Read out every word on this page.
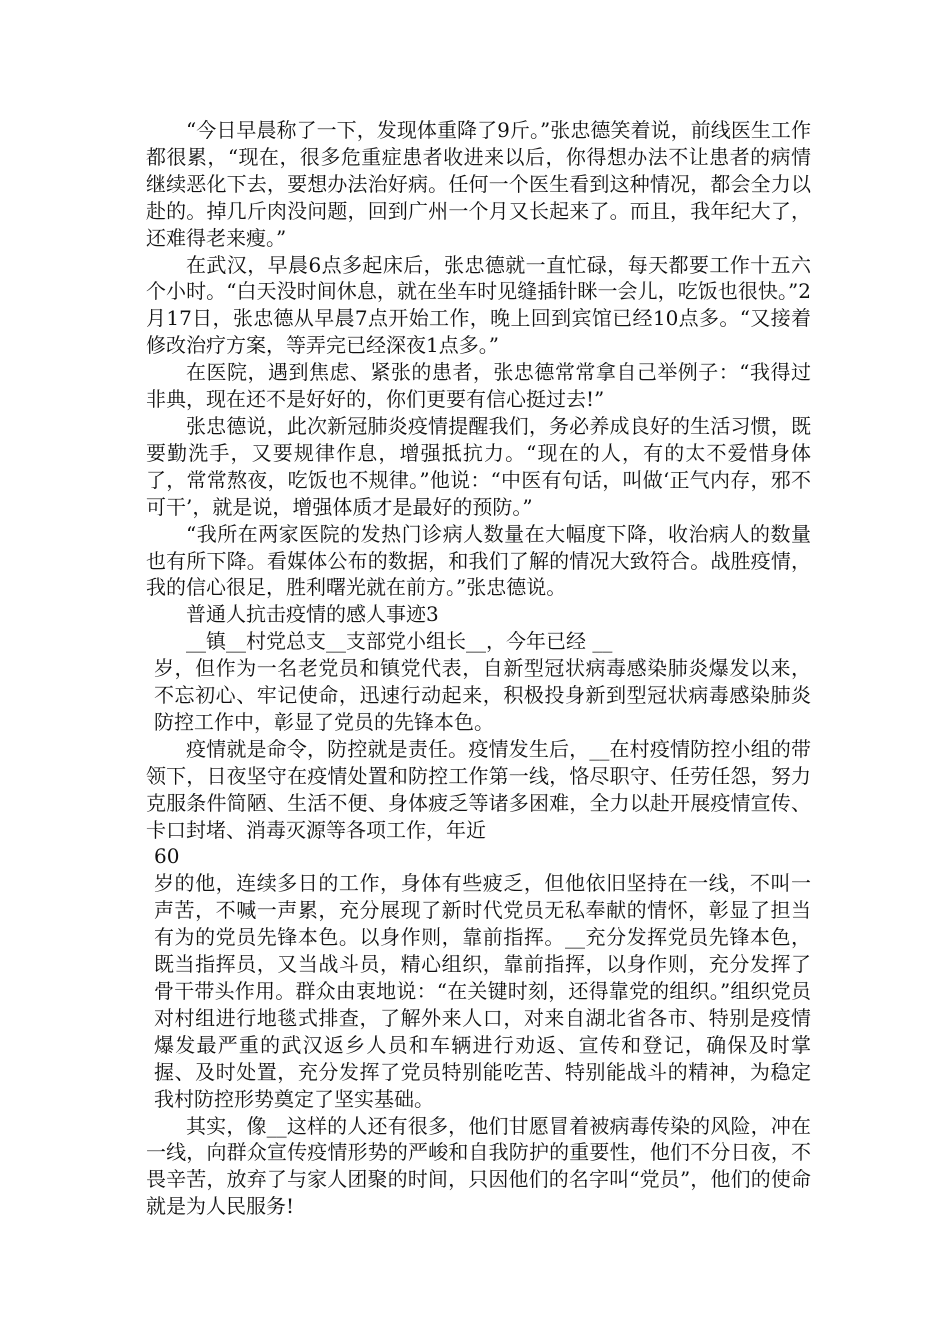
“今日早晨称了一下，发现体重降了9斤。”张忠德笑着说，前线医生工作都很累，“现在，很多危重症患者收进来以后，你得想办法不让患者的病情继续恶化下去，要想办法治好病。任何一个医生看到这种情况，都会全力以赴的。掉几斤肉没问题，回到广州一个月又长起来了。而且，我年纪大了，还难得老来瘦。”

在武汉，早晨6点多起床后，张忠德就一直忙碌，每天都要工作十五六个小时。“白天没时间休息，就在坐车时见缝插针眯一会儿，吃饭也很快。”2月17日，张忠德从早晨7点开始工作，晚上回到宾馆已经10点多。“又接着修改治疗方案，等弄完已经深夜1点多。”

在医院，遇到焦虑、紧张的患者，张忠德常常拿自己举例子：“我得过非典，现在还不是好好的，你们更要有信心挺过去!”

张忠德说，此次新冠肺炎疫情提醒我们，务必养成良好的生活习惯，既要勤洗手，又要规律作息，增强抵抗力。“现在的人，有的太不爱惜身体了，常常熬夜，吃饭也不规律。”他说：“中医有句话，叫做‘正气内存，邪不可干’，就是说，增强体质才是最好的预防。”

“我所在两家医院的发热门诊病人数量在大幅度下降，收治病人的数量也有所下降。看媒体公布的数据，和我们了解的情况大致符合。战胜疫情，我的信心很足，胜利曙光就在前方。”张忠德说。

普通人抗击疫情的感人事迹3

__镇__村党总支__支部党小组长__，今年已经 __

岁，但作为一名老党员和镇党代表，自新型冠状病毒感染肺炎爆发以来，不忘初心、牢记使命，迅速行动起来，积极投身新到型冠状病毒感染肺炎防控工作中，彰显了党员的先锋本色。

疫情就是命令，防控就是责任。疫情发生后，__在村疫情防控小组的带领下，日夜坚守在疫情处置和防控工作第一线，恪尽职守、任劳任怨，努力克服条件简陋、生活不便、身体疲乏等诸多困难，全力以赴开展疫情宣传、卡口封堵、消毒灭源等各项工作，年近

60

岁的他，连续多日的工作，身体有些疲乏，但他依旧坚持在一线，不叫一声苦，不喊一声累，充分展现了新时代党员无私奉献的情怀，彰显了担当有为的党员先锋本色。以身作则，靠前指挥。__充分发挥党员先锋本色，既当指挥员，又当战斗员，精心组织，靠前指挥，以身作则，充分发挥了骨干带头作用。群众由衷地说：“在关键时刻，还得靠党的组织。”组织党员对村组进行地毯式排查，了解外来人口，对来自湖北省各市、特别是疫情爆发最严重的武汉返乡人员和车辆进行劝返、宣传和登记，确保及时掌握、及时处置，充分发挥了党员特别能吃苦、特别能战斗的精神，为稳定我村防控形势奠定了坚实基础。

其实，像__这样的人还有很多，他们甘愿冒着被病毒传染的风险，冲在一线，向群众宣传疫情形势的严峻和自我防护的重要性，他们不分日夜，不畏辛苦，放弃了与家人团聚的时间，只因他们的名字叫“党员”，他们的使命就是为人民服务!
